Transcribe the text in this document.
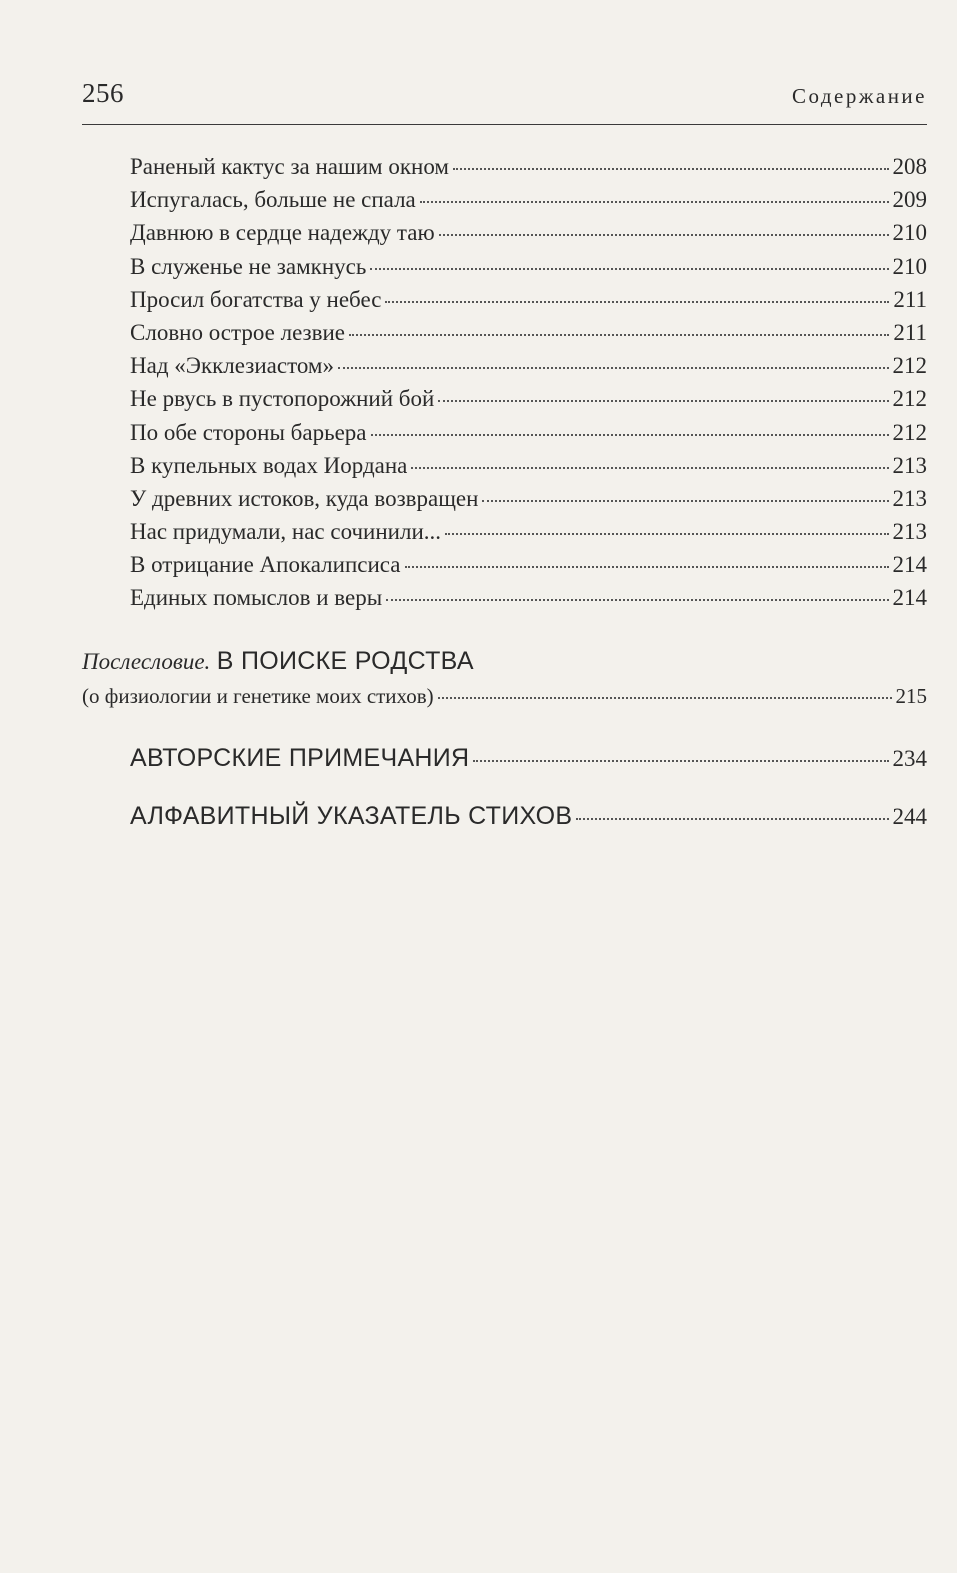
256	Содержание
Раненый кактус за нашим окном	208
Испугалась, больше не спала	209
Давнюю в сердце надежду таю	210
В служенье не замкнусь	210
Просил богатства у небес	211
Словно острое лезвие	211
Над «Экклезиастом»	212
Не рвусь в пустопорожний бой	212
По обе стороны барьера	212
В купельных водах Иордана	213
У древних истоков, куда возвращен	213
Нас придумали, нас сочинили...	213
В отрицание Апокалипсиса	214
Единых помыслов и веры	214
Послесловие. В ПОИСКЕ РОДСТВА
(о физиологии и генетике моих стихов)	215
АВТОРСКИЕ ПРИМЕЧАНИЯ	234
АЛФАВИТНЫЙ УКАЗАТЕЛЬ СТИХОВ	244
